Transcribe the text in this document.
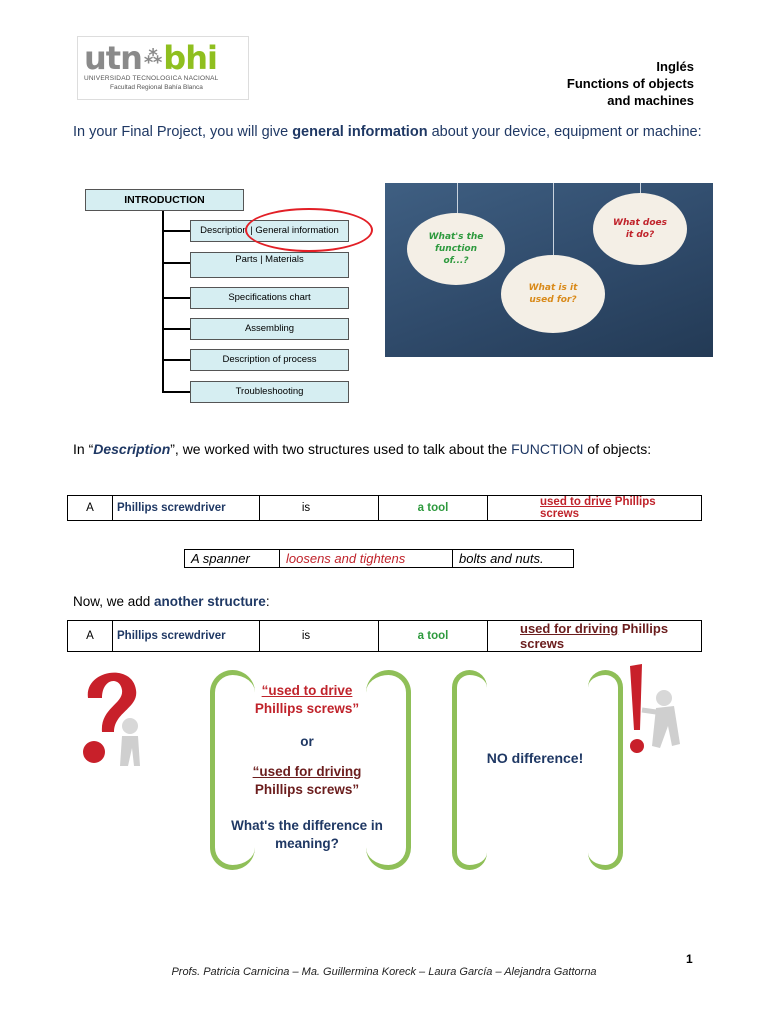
utn ⁂bhi
UNIVERSIDAD TECNOLOGICA NACIONAL
Facultad Regional Bahía Blanca
Inglés
Functions of objects
and machines
In your Final Project, you will give general information about your device, equipment or machine:
INTRODUCTION
Description | General information
Parts | Materials
Specifications chart
Assembling
Description of process
Troubleshooting
What's the function of...?
What is it used for?
What does it do?
In “Description”, we worked with two structures used to talk about the FUNCTION of objects:
A	Phillips screwdriver	is	a tool	used to drive Phillips screws
A spanner	loosens and tightens	bolts and nuts.
Now, we add another structure:
A	Phillips screwdriver	is	a tool	used for driving Phillips screws
“used to drive
Phillips screws”
or
“used for driving
Phillips screws”
What's the difference in meaning?
NO difference!
1
Profs. Patricia Carnicina – Ma. Guillermina Koreck – Laura García – Alejandra Gattorna
